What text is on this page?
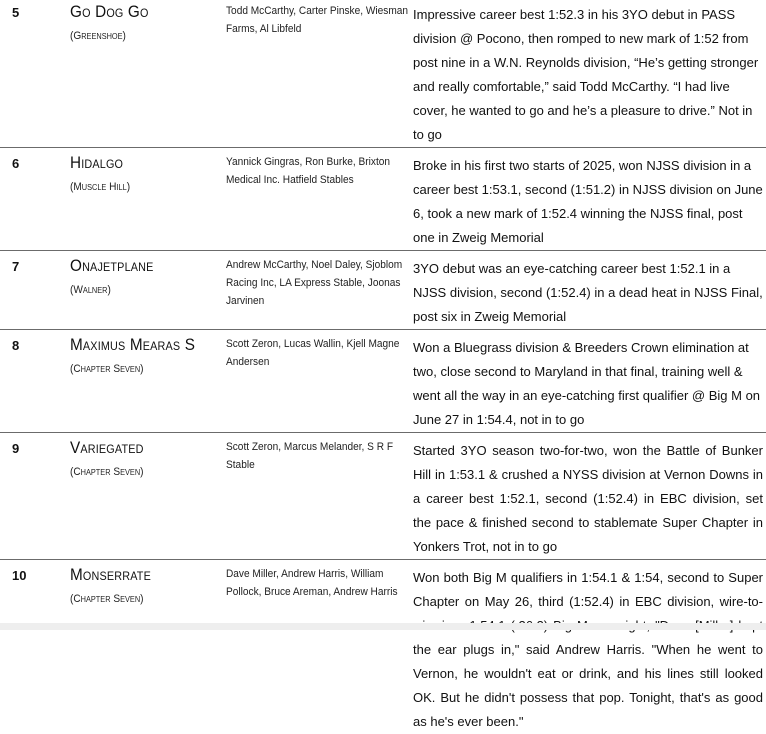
5	Go Dog Go
(Greenshoe)	Todd McCarthy, Carter Pinske, Wiesman Farms, Al Libfeld	Impressive career best 1:52.3 in his 3YO debut in PASS division @ Pocono, then romped to new mark of 1:52 from post nine in a W.N. Reynolds division, “He’s getting stronger and really comfortable,” said Todd McCarthy. “I had live cover, he wanted to go and he’s a pleasure to drive.” Not in to go

6	Hidalgo
(Muscle Hill)	Yannick Gingras, Ron Burke, Brixton Medical Inc. Hatfield Stables	Broke in his first two starts of 2025, won NJSS division in a career best 1:53.1, second (1:51.2) in NJSS division on June 6, took a new mark of 1:52.4 winning the NJSS final, post one in Zweig Memorial

7	Onajetplane
(Walner)	Andrew McCarthy, Noel Daley, Sjoblom Racing Inc, LA Express Stable, Joonas Jarvinen	3YO debut was an eye-catching career best 1:52.1 in a NJSS division, second (1:52.4) in a dead heat in NJSS Final, post six in Zweig Memorial

8	Maximus Mearas S
(Chapter Seven)	Scott Zeron, Lucas Wallin, Kjell Magne Andersen	Won a Bluegrass division & Breeders Crown elimination at two, close second to Maryland in that final, training well & went all the way in an eye-catching first qualifier @ Big M on June 27 in 1:54.4, not in to go

9	Variegated
(Chapter Seven)	Scott Zeron, Marcus Melander, S R F Stable	Started 3YO season two-for-two, won the Battle of Bunker Hill in 1:53.1 & crushed a NYSS division at Vernon Downs in a career best 1:52.1, second (1:52.4) in EBC division, set the pace & finished second to stablemate Super Chapter in Yonkers Trot, not in to go

10	Monserrate
(Chapter Seven)	Dave Miller, Andrew Harris, William Pollock, Bruce Areman, Andrew Harris	Won both Big M qualifiers in 1:54.1 & 1:54, second to Super Chapter on May 26, third (1:52.4) in EBC division, wire-to- the ear plugs in," said Andrew Harris. "When he went to Vernon, he wouldn't eat or drink, and his lines still looked OK. But he didn't possess that pop. Tonight, that's as good as he's ever been."
